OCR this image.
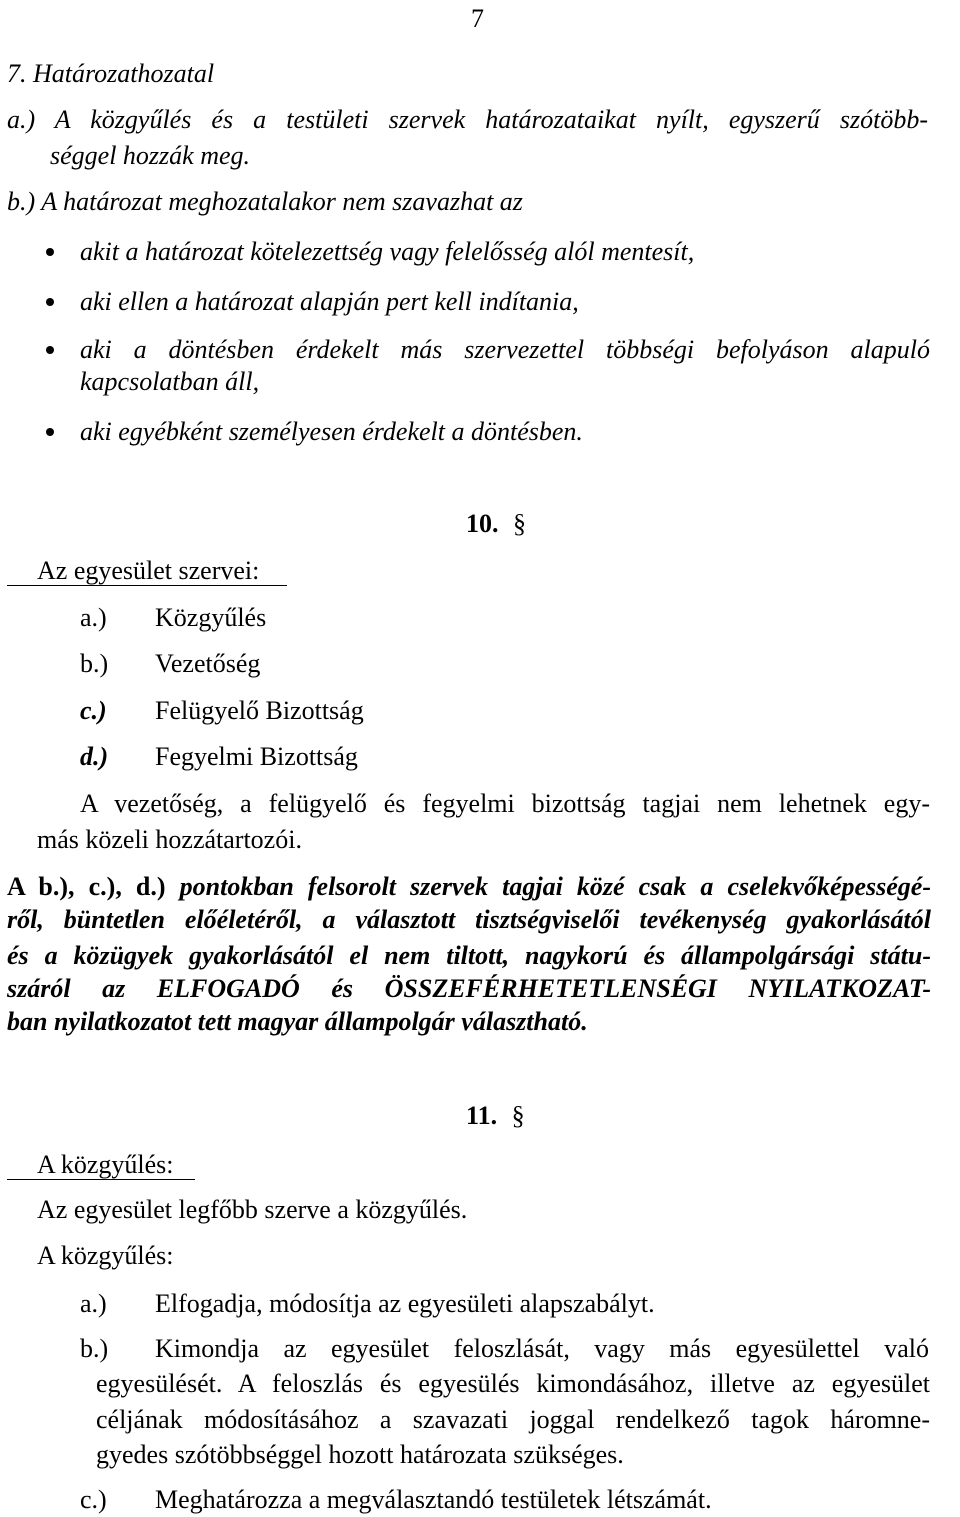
7
7. Határozathozatal
a.) A közgyűlés és a testületi szervek határozataikat nyílt, egyszerű szótöbb-
séggel hozzák meg.
b.) A határozat meghozatalakor nem szavazhat az
akit a határozat kötelezettség vagy felelősség alól mentesít,
aki ellen a határozat alapján pert kell indítania,
aki a döntésben érdekelt más szervezettel többségi befolyáson alapuló
kapcsolatban áll,
aki egyébként személyesen érdekelt a döntésben.
10. §
Az egyesület szervei:
a.) Közgyűlés
b.) Vezetőség
c.) Felügyelő Bizottság
d.) Fegyelmi Bizottság
A vezetőség, a felügyelő és fegyelmi bizottság tagjai nem lehetnek egy-
más közeli hozzátartozói.
A b.), c.), d.) pontokban felsorolt szervek tagjai közé csak a cselekvőképességé-
ről, büntetlen előéletéről, a választott tisztségviselői tevékenység gyakorlásától
és a közügyek gyakorlásától el nem tiltott, nagykorú és állampolgársági státu-
száról az ELFOGADÓ és ÖSSZEFÉRHETETLENSÉGI NYILATKOZAT-
ban nyilatkozatot tett magyar állampolgár választható.
11. §
A közgyűlés:
Az egyesület legfőbb szerve a közgyűlés.
A közgyűlés:
a.) Elfogadja, módosítja az egyesületi alapszabályt.
b.) Kimondja az egyesület feloszlását, vagy más egyesülettel való
egyesülését. A feloszlás és egyesülés kimondásához, illetve az egyesület
céljának módosításához a szavazati joggal rendelkező tagok háromne-
gyedes szótöbbséggel hozott határozata szükséges.
c.) Meghatározza a megválasztandó testületek létszámát.
